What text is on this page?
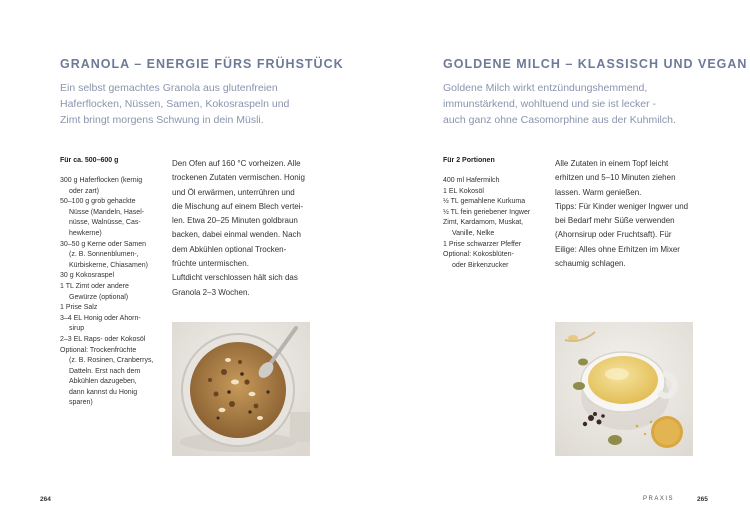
GRANOLA – ENERGIE FÜRS FRÜHSTÜCK
Ein selbst gemachtes Granola aus glutenfreien
Haferflocken, Nüssen, Samen, Kokosraspeln und
Zimt bringt morgens Schwung in dein Müsli.
Für ca. 500–600 g
300 g Haferflocken (kernig
oder zart)
50–100 g grob gehackte
Nüsse (Mandeln, Hasel-
nüsse, Walnüsse, Cas-
hewkerne)
30–50 g Kerne oder Samen
(z. B. Sonnenblumen-,
Kürbiskerne, Chiasamen)
30 g Kokosraspel
1 TL Zimt oder andere
Gewürze (optional)
1 Prise Salz
3–4 EL Honig oder Ahorn-
sirup
2–3 EL Raps- oder Kokosöl
Optional: Trockenfrüchte
(z. B. Rosinen, Cranberrys,
Datteln. Erst nach dem
Abkühlen dazugeben,
dann kannst du Honig
sparen)
Den Ofen auf 160 °C vorheizen. Alle
trockenen Zutaten vermischen. Honig
und Öl erwärmen, unterrühren und
die Mischung auf einem Blech vertei-
len. Etwa 20–25 Minuten goldbraun
backen, dabei einmal wenden. Nach
dem Abkühlen optional Trocken-
früchte untermischen.
Luftdicht verschlossen hält sich das
Granola 2–3 Wochen.
264
GOLDENE MILCH – KLASSISCH UND VEGAN
Goldene Milch wirkt entzündungshemmend,
immunstärkend, wohltuend und sie ist lecker -
auch ganz ohne Casomorphine aus der Kuhmilch.
Für 2 Portionen
400 ml Hafermilch
1 EL Kokosöl
½ TL gemahlene Kurkuma
½ TL fein geriebener Ingwer
Zimt, Kardamom, Muskat,
Vanille, Nelke
1 Prise schwarzer Pfeffer
Optional: Kokosblüten-
oder Birkenzucker
Alle Zutaten in einem Topf leicht
erhitzen und 5–10 Minuten ziehen
lassen. Warm genießen.
Tipps: Für Kinder weniger Ingwer und
bei Bedarf mehr Süße verwenden
(Ahornsirup oder Fruchtsaft). Für
Eilige: Alles ohne Erhitzen im Mixer
schaumig schlagen.
PRAXIS	265
